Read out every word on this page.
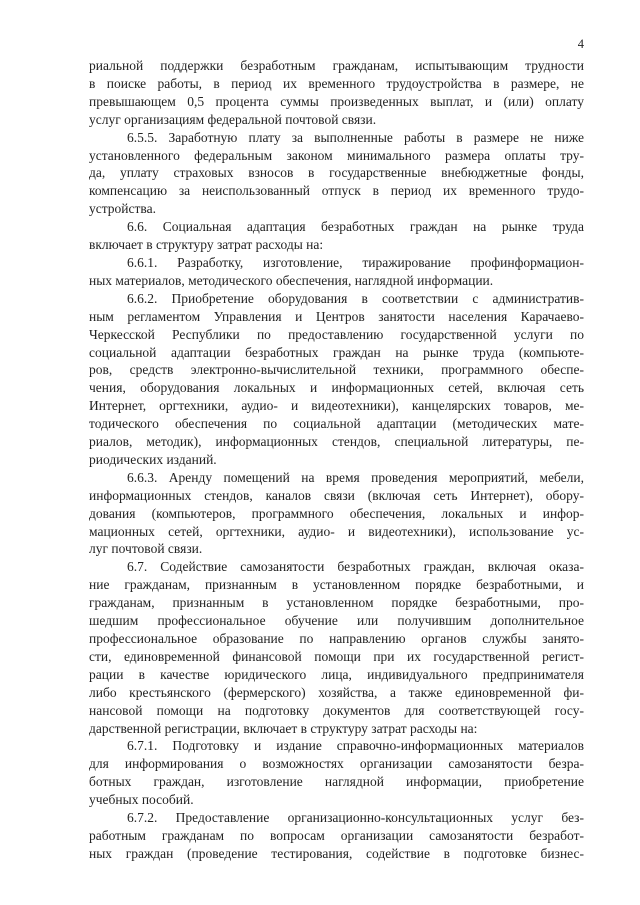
4
риальной поддержки безработным гражданам, испытывающим трудности
в поиске работы, в период их временного трудоустройства в размере, не
превышающем 0,5 процента суммы произведенных выплат, и (или) оплату
услуг организациям федеральной почтовой связи.
6.5.5. Заработную плату за выполненные работы в размере не ниже
установленного федеральным законом минимального размера оплаты тру-
да, уплату страховых взносов в государственные внебюджетные фонды,
компенсацию за неиспользованный отпуск в период их временного трудо-
устройства.
6.6. Социальная адаптация безработных граждан на рынке труда
включает в структуру затрат расходы на:
6.6.1. Разработку, изготовление, тиражирование профинформацион-
ных материалов, методического обеспечения, наглядной информации.
6.6.2. Приобретение оборудования в соответствии с административ-
ным регламентом Управления и Центров занятости населения Карачаево-
Черкесской Республики по предоставлению государственной услуги по
социальной адаптации безработных граждан на рынке труда (компьюте-
ров, средств электронно-вычислительной техники, программного обеспе-
чения, оборудования локальных и информационных сетей, включая сеть
Интернет, оргтехники, аудио- и видеотехники), канцелярских товаров, ме-
тодического обеспечения по социальной адаптации (методических мате-
риалов, методик), информационных стендов, специальной литературы, пе-
риодических изданий.
6.6.3. Аренду помещений на время проведения мероприятий, мебели,
информационных стендов, каналов связи (включая сеть Интернет), обору-
дования (компьютеров, программного обеспечения, локальных и инфор-
мационных сетей, оргтехники, аудио- и видеотехники), использование ус-
луг почтовой связи.
6.7. Содействие самозанятости безработных граждан, включая оказа-
ние гражданам, признанным в установленном порядке безработными, и
гражданам, признанным в установленном порядке безработными, про-
шедшим профессиональное обучение или получившим дополнительное
профессиональное образование по направлению органов службы занято-
сти, единовременной финансовой помощи при их государственной регист-
рации в качестве юридического лица, индивидуального предпринимателя
либо крестьянского (фермерского) хозяйства, а также единовременной фи-
нансовой помощи на подготовку документов для соответствующей госу-
дарственной регистрации, включает в структуру затрат расходы на:
6.7.1. Подготовку и издание справочно-информационных материалов
для информирования о возможностях организации самозанятости безра-
ботных граждан, изготовление наглядной информации, приобретение
учебных пособий.
6.7.2. Предоставление организационно-консультационных услуг без-
работным гражданам по вопросам организации самозанятости безработ-
ных граждан (проведение тестирования, содействие в подготовке бизнес-
